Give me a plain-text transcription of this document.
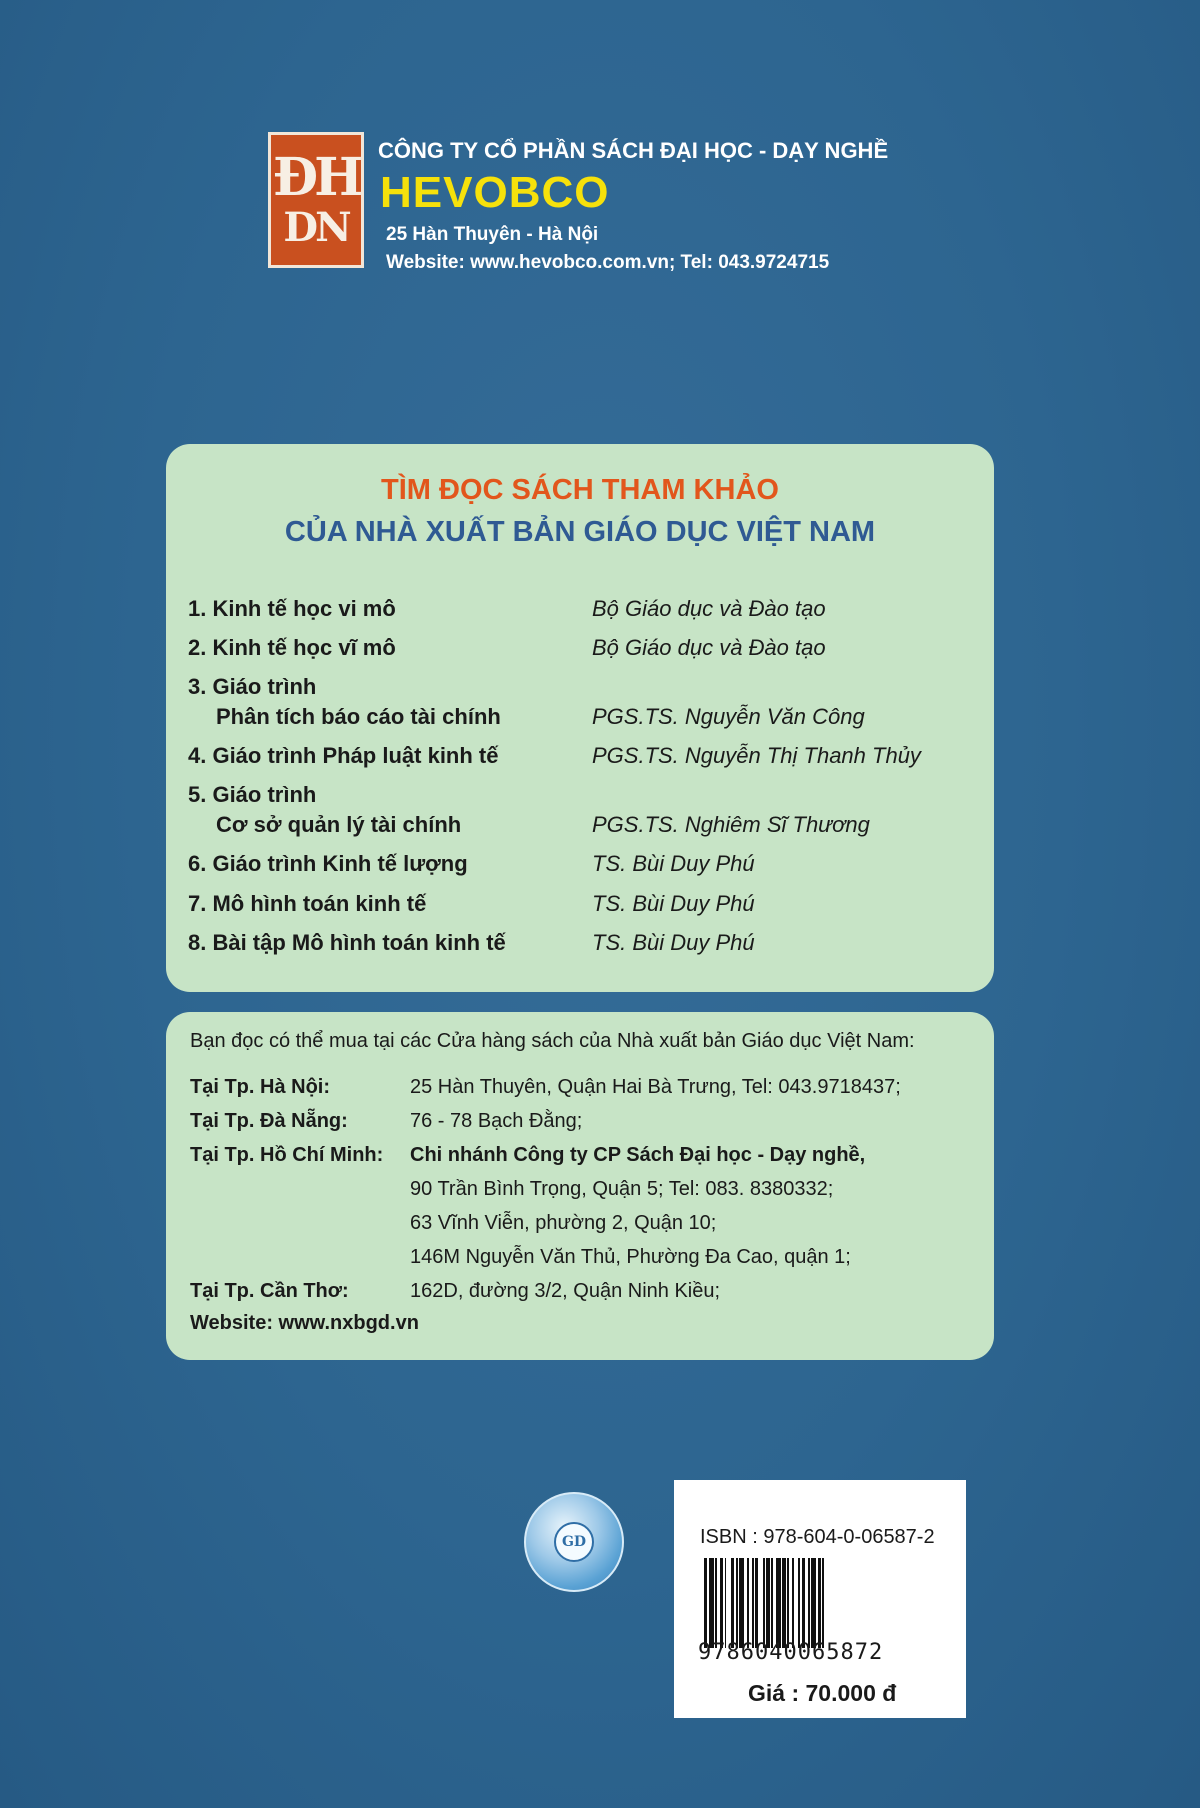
ĐH
DN
CÔNG TY CỔ PHẦN SÁCH ĐẠI HỌC - DẠY NGHỀ
HEVOBCO
25 Hàn Thuyên - Hà Nội
Website: www.hevobco.com.vn; Tel: 043.9724715
TÌM ĐỌC SÁCH THAM KHẢO
CỦA NHÀ XUẤT BẢN GIÁO DỤC VIỆT NAM
1. Kinh tế học vi mô	Bộ Giáo dục và Đào tạo
2. Kinh tế học vĩ mô	Bộ Giáo dục và Đào tạo
3. Giáo trình
Phân tích báo cáo tài chính	PGS.TS. Nguyễn Văn Công
4. Giáo trình Pháp luật kinh tế	PGS.TS. Nguyễn Thị Thanh Thủy
5. Giáo trình
Cơ sở quản lý tài chính	PGS.TS. Nghiêm Sĩ Thương
6. Giáo trình Kinh tế lượng	TS. Bùi Duy Phú
7. Mô hình toán kinh tế	TS. Bùi Duy Phú
8. Bài tập Mô hình toán kinh tế	TS. Bùi Duy Phú
Bạn đọc có thể mua tại các Cửa hàng sách của Nhà xuất bản Giáo dục Việt Nam:
Tại Tp. Hà Nội:	25 Hàn Thuyên, Quận Hai Bà Trưng, Tel: 043.9718437;
Tại Tp. Đà Nẵng:	76 - 78 Bạch Đằng;
Tại Tp. Hồ Chí Minh: Chi nhánh Công ty CP Sách Đại học - Dạy nghề,
90 Trần Bình Trọng, Quận 5; Tel: 083. 8380332;
63 Vĩnh Viễn, phường 2, Quận 10;
146M Nguyễn Văn Thủ, Phường Đa Cao, quận 1;
Tại Tp. Cần Thơ:	162D, đường 3/2, Quận Ninh Kiều;
Website: www.nxbgd.vn
GD	ISBN : 978-604-0-06587-2
9786040065872
Giá : 70.000 đ
